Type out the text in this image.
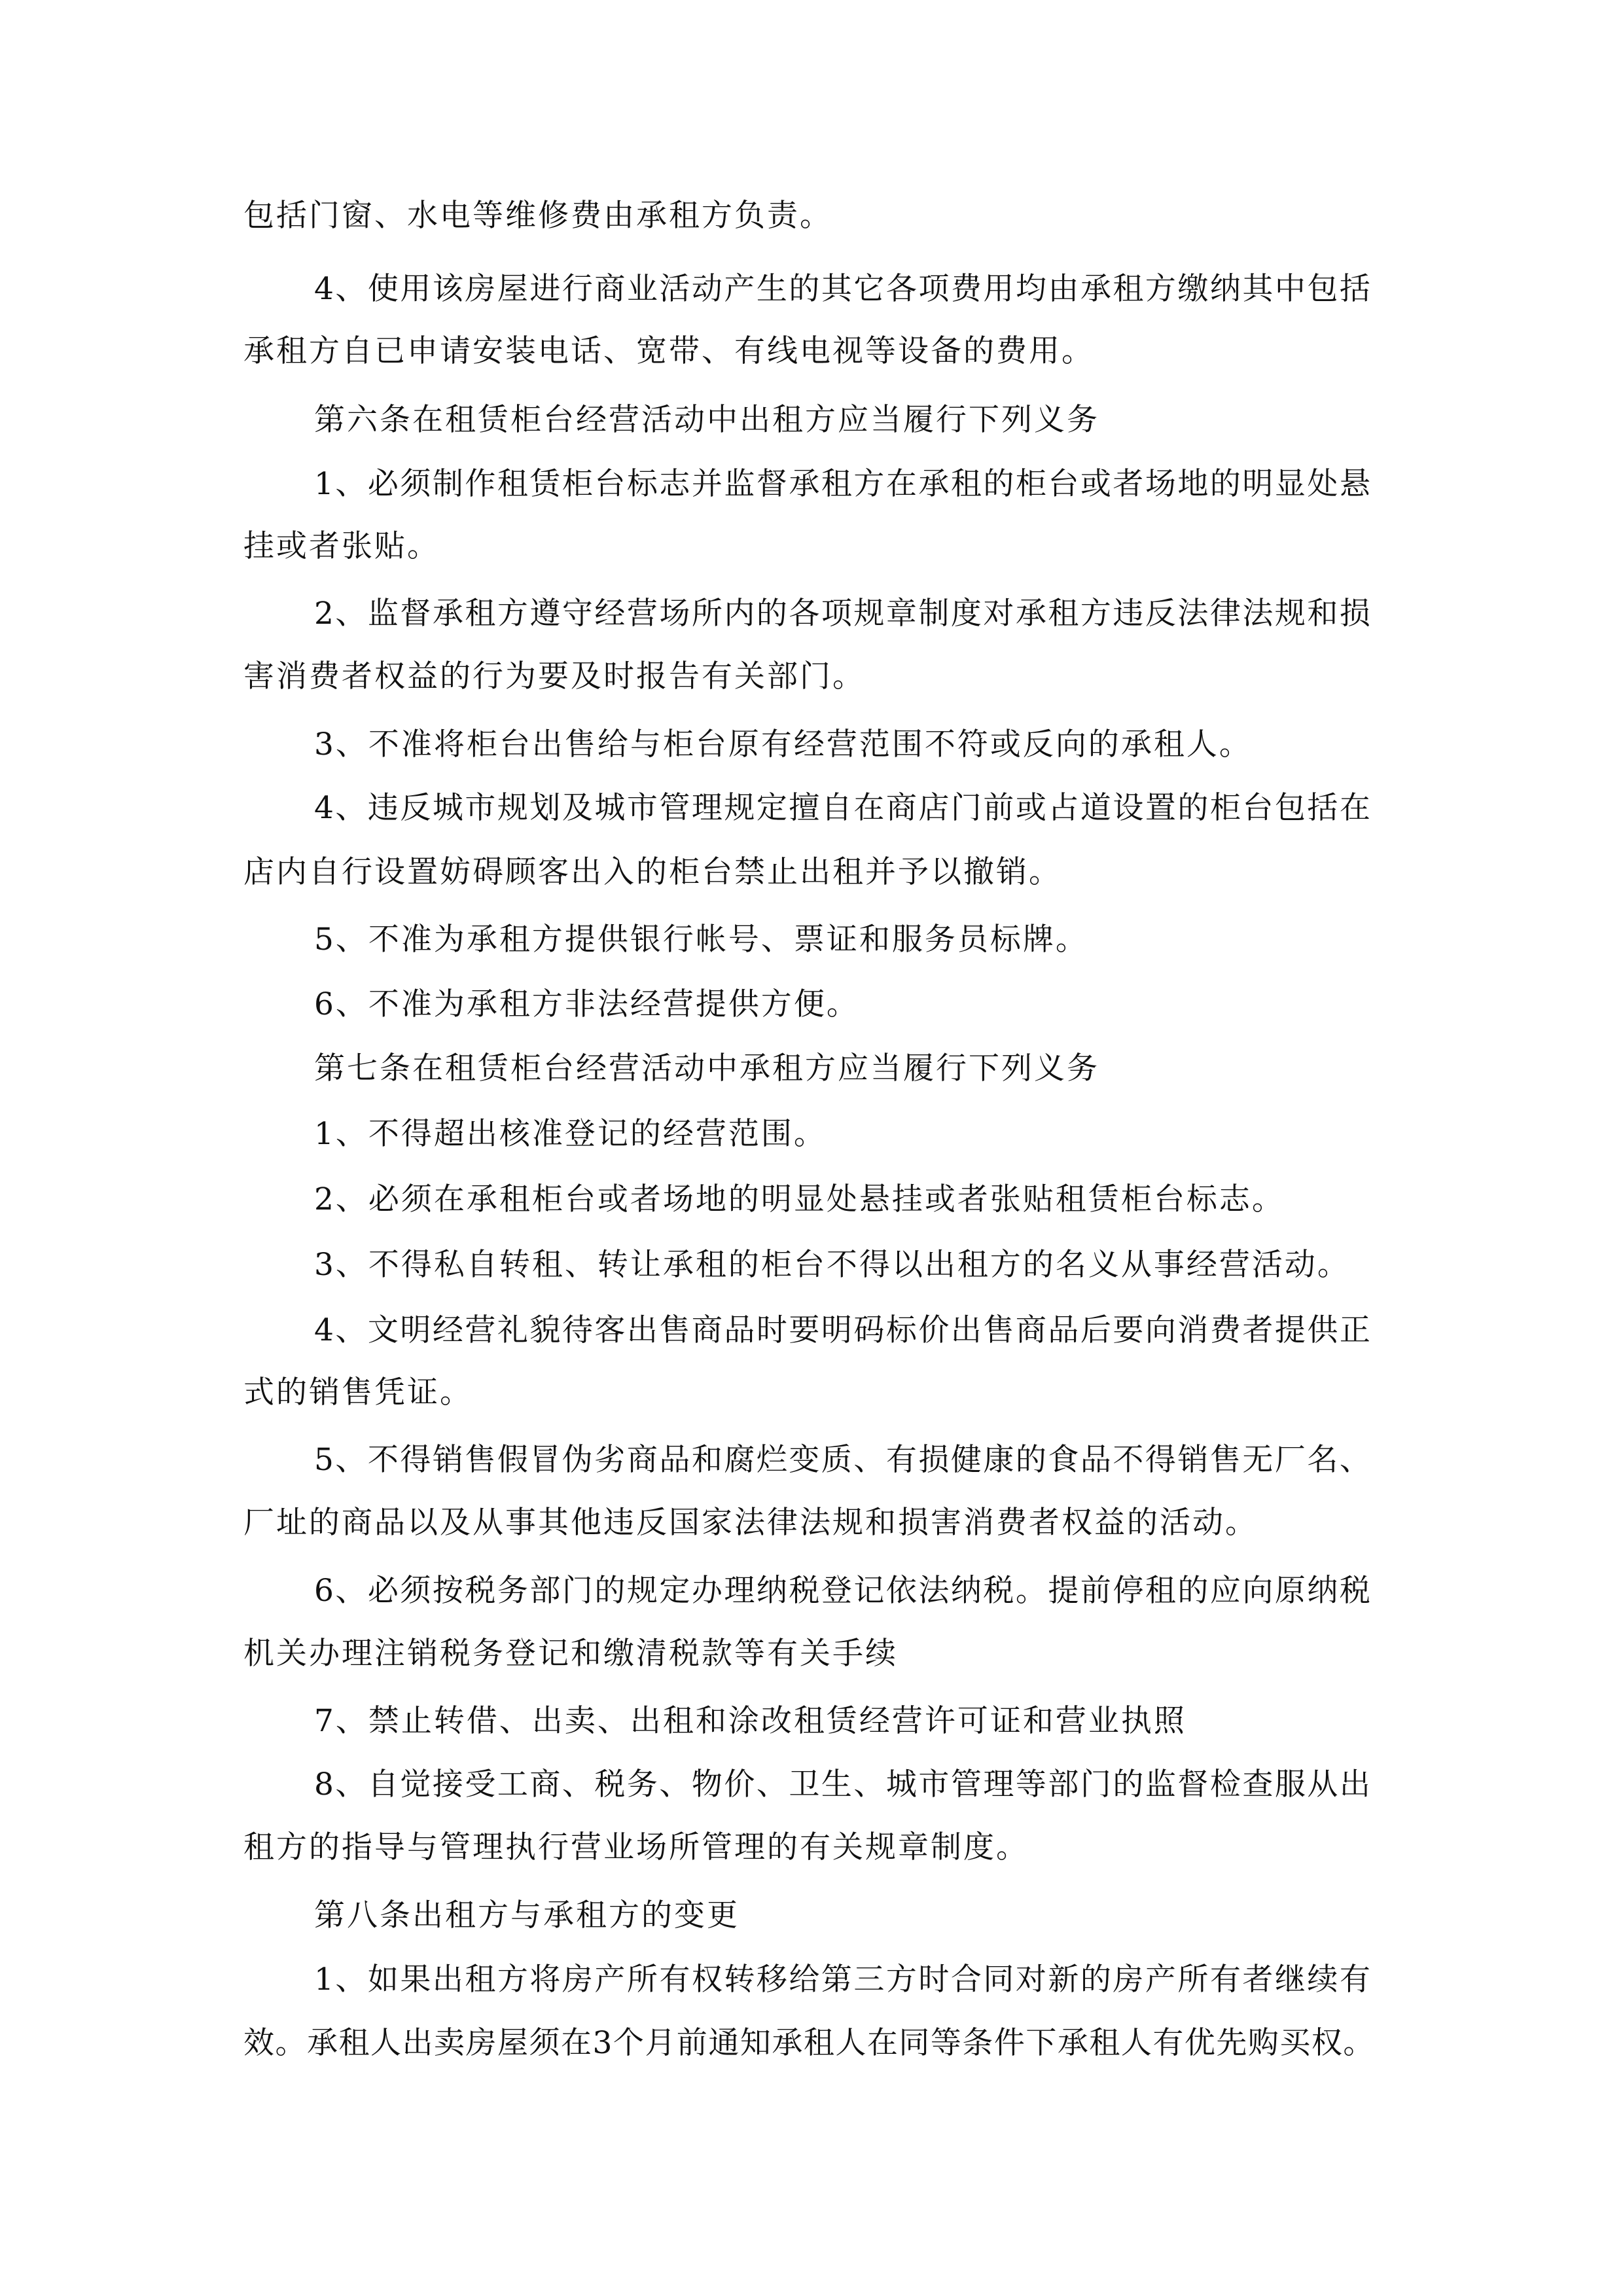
包括门窗、水电等维修费由承租方负责。
4、使用该房屋进行商业活动产生的其它各项费用均由承租方缴纳其中包括
承租方自已申请安装电话、宽带、有线电视等设备的费用。
第六条在租赁柜台经营活动中出租方应当履行下列义务
1、必须制作租赁柜台标志并监督承租方在承租的柜台或者场地的明显处悬
挂或者张贴。
2、监督承租方遵守经营场所内的各项规章制度对承租方违反法律法规和损
害消费者权益的行为要及时报告有关部门。
3、不准将柜台出售给与柜台原有经营范围不符或反向的承租人。
4、违反城市规划及城市管理规定擅自在商店门前或占道设置的柜台包括在
店内自行设置妨碍顾客出入的柜台禁止出租并予以撤销。
5、不准为承租方提供银行帐号、票证和服务员标牌。
6、不准为承租方非法经营提供方便。
第七条在租赁柜台经营活动中承租方应当履行下列义务
1、不得超出核准登记的经营范围。
2、必须在承租柜台或者场地的明显处悬挂或者张贴租赁柜台标志。
3、不得私自转租、转让承租的柜台不得以出租方的名义从事经营活动。
4、文明经营礼貌待客出售商品时要明码标价出售商品后要向消费者提供正
式的销售凭证。
5、不得销售假冒伪劣商品和腐烂变质、有损健康的食品不得销售无厂名、
厂址的商品以及从事其他违反国家法律法规和损害消费者权益的活动。
6、必须按税务部门的规定办理纳税登记依法纳税。提前停租的应向原纳税
机关办理注销税务登记和缴清税款等有关手续
7、禁止转借、出卖、出租和涂改租赁经营许可证和营业执照
8、自觉接受工商、税务、物价、卫生、城市管理等部门的监督检查服从出
租方的指导与管理执行营业场所管理的有关规章制度。
第八条出租方与承租方的变更
1、如果出租方将房产所有权转移给第三方时合同对新的房产所有者继续有
效。承租人出卖房屋须在3个月前通知承租人在同等条件下承租人有优先购买权。
